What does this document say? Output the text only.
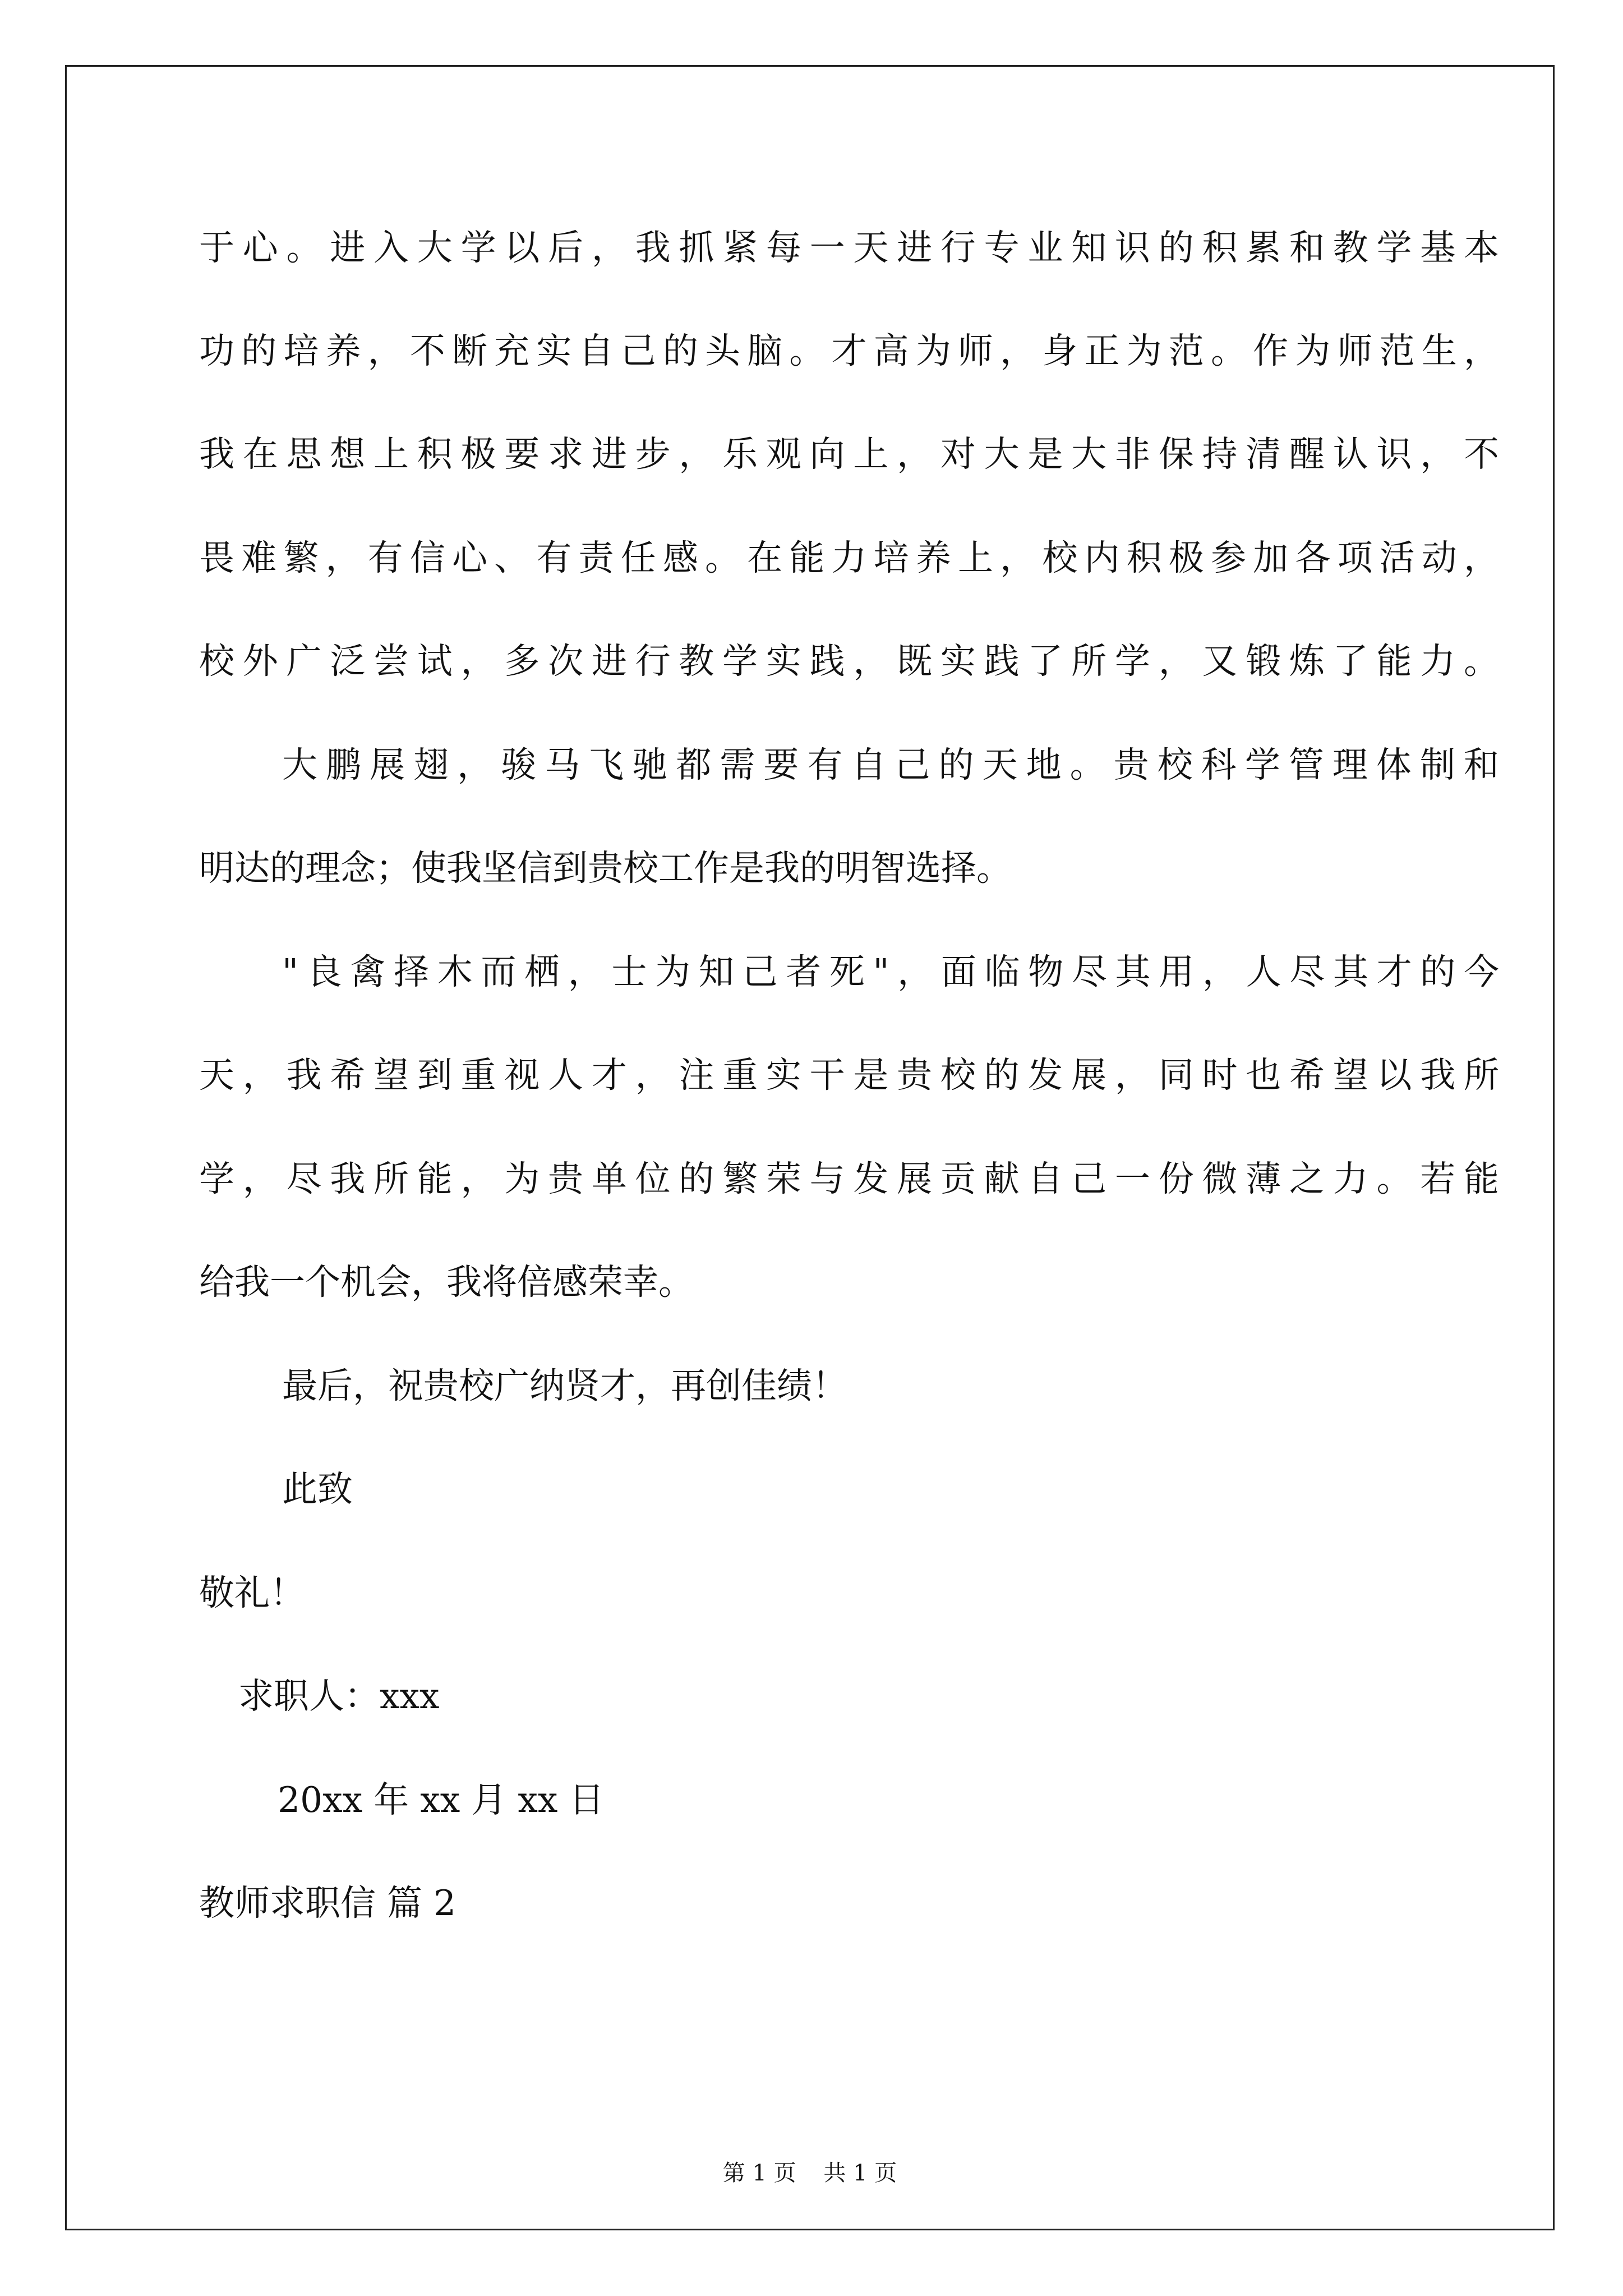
于心。进入大学以后，我抓紧每一天进行专业知识的积累和教学基本
功的培养，不断充实自己的头脑。才高为师，身正为范。作为师范生，
我在思想上积极要求进步，乐观向上，对大是大非保持清醒认识，不
畏难繁，有信心、有责任感。在能力培养上，校内积极参加各项活动，
校外广泛尝试，多次进行教学实践，既实践了所学，又锻炼了能力。
大鹏展翅，骏马飞驰都需要有自己的天地。贵校科学管理体制和
明达的理念；使我坚信到贵校工作是我的明智选择。
"良禽择木而栖，士为知己者死"，面临物尽其用，人尽其才的今
天，我希望到重视人才，注重实干是贵校的发展，同时也希望以我所
学，尽我所能，为贵单位的繁荣与发展贡献自己一份微薄之力。若能
给我一个机会，我将倍感荣幸。
最后，祝贵校广纳贤才，再创佳绩！
此致
敬礼！
求职人：xxx
20xx 年 xx 月 xx 日
教师求职信 篇 2
第 1 页 共 1 页
